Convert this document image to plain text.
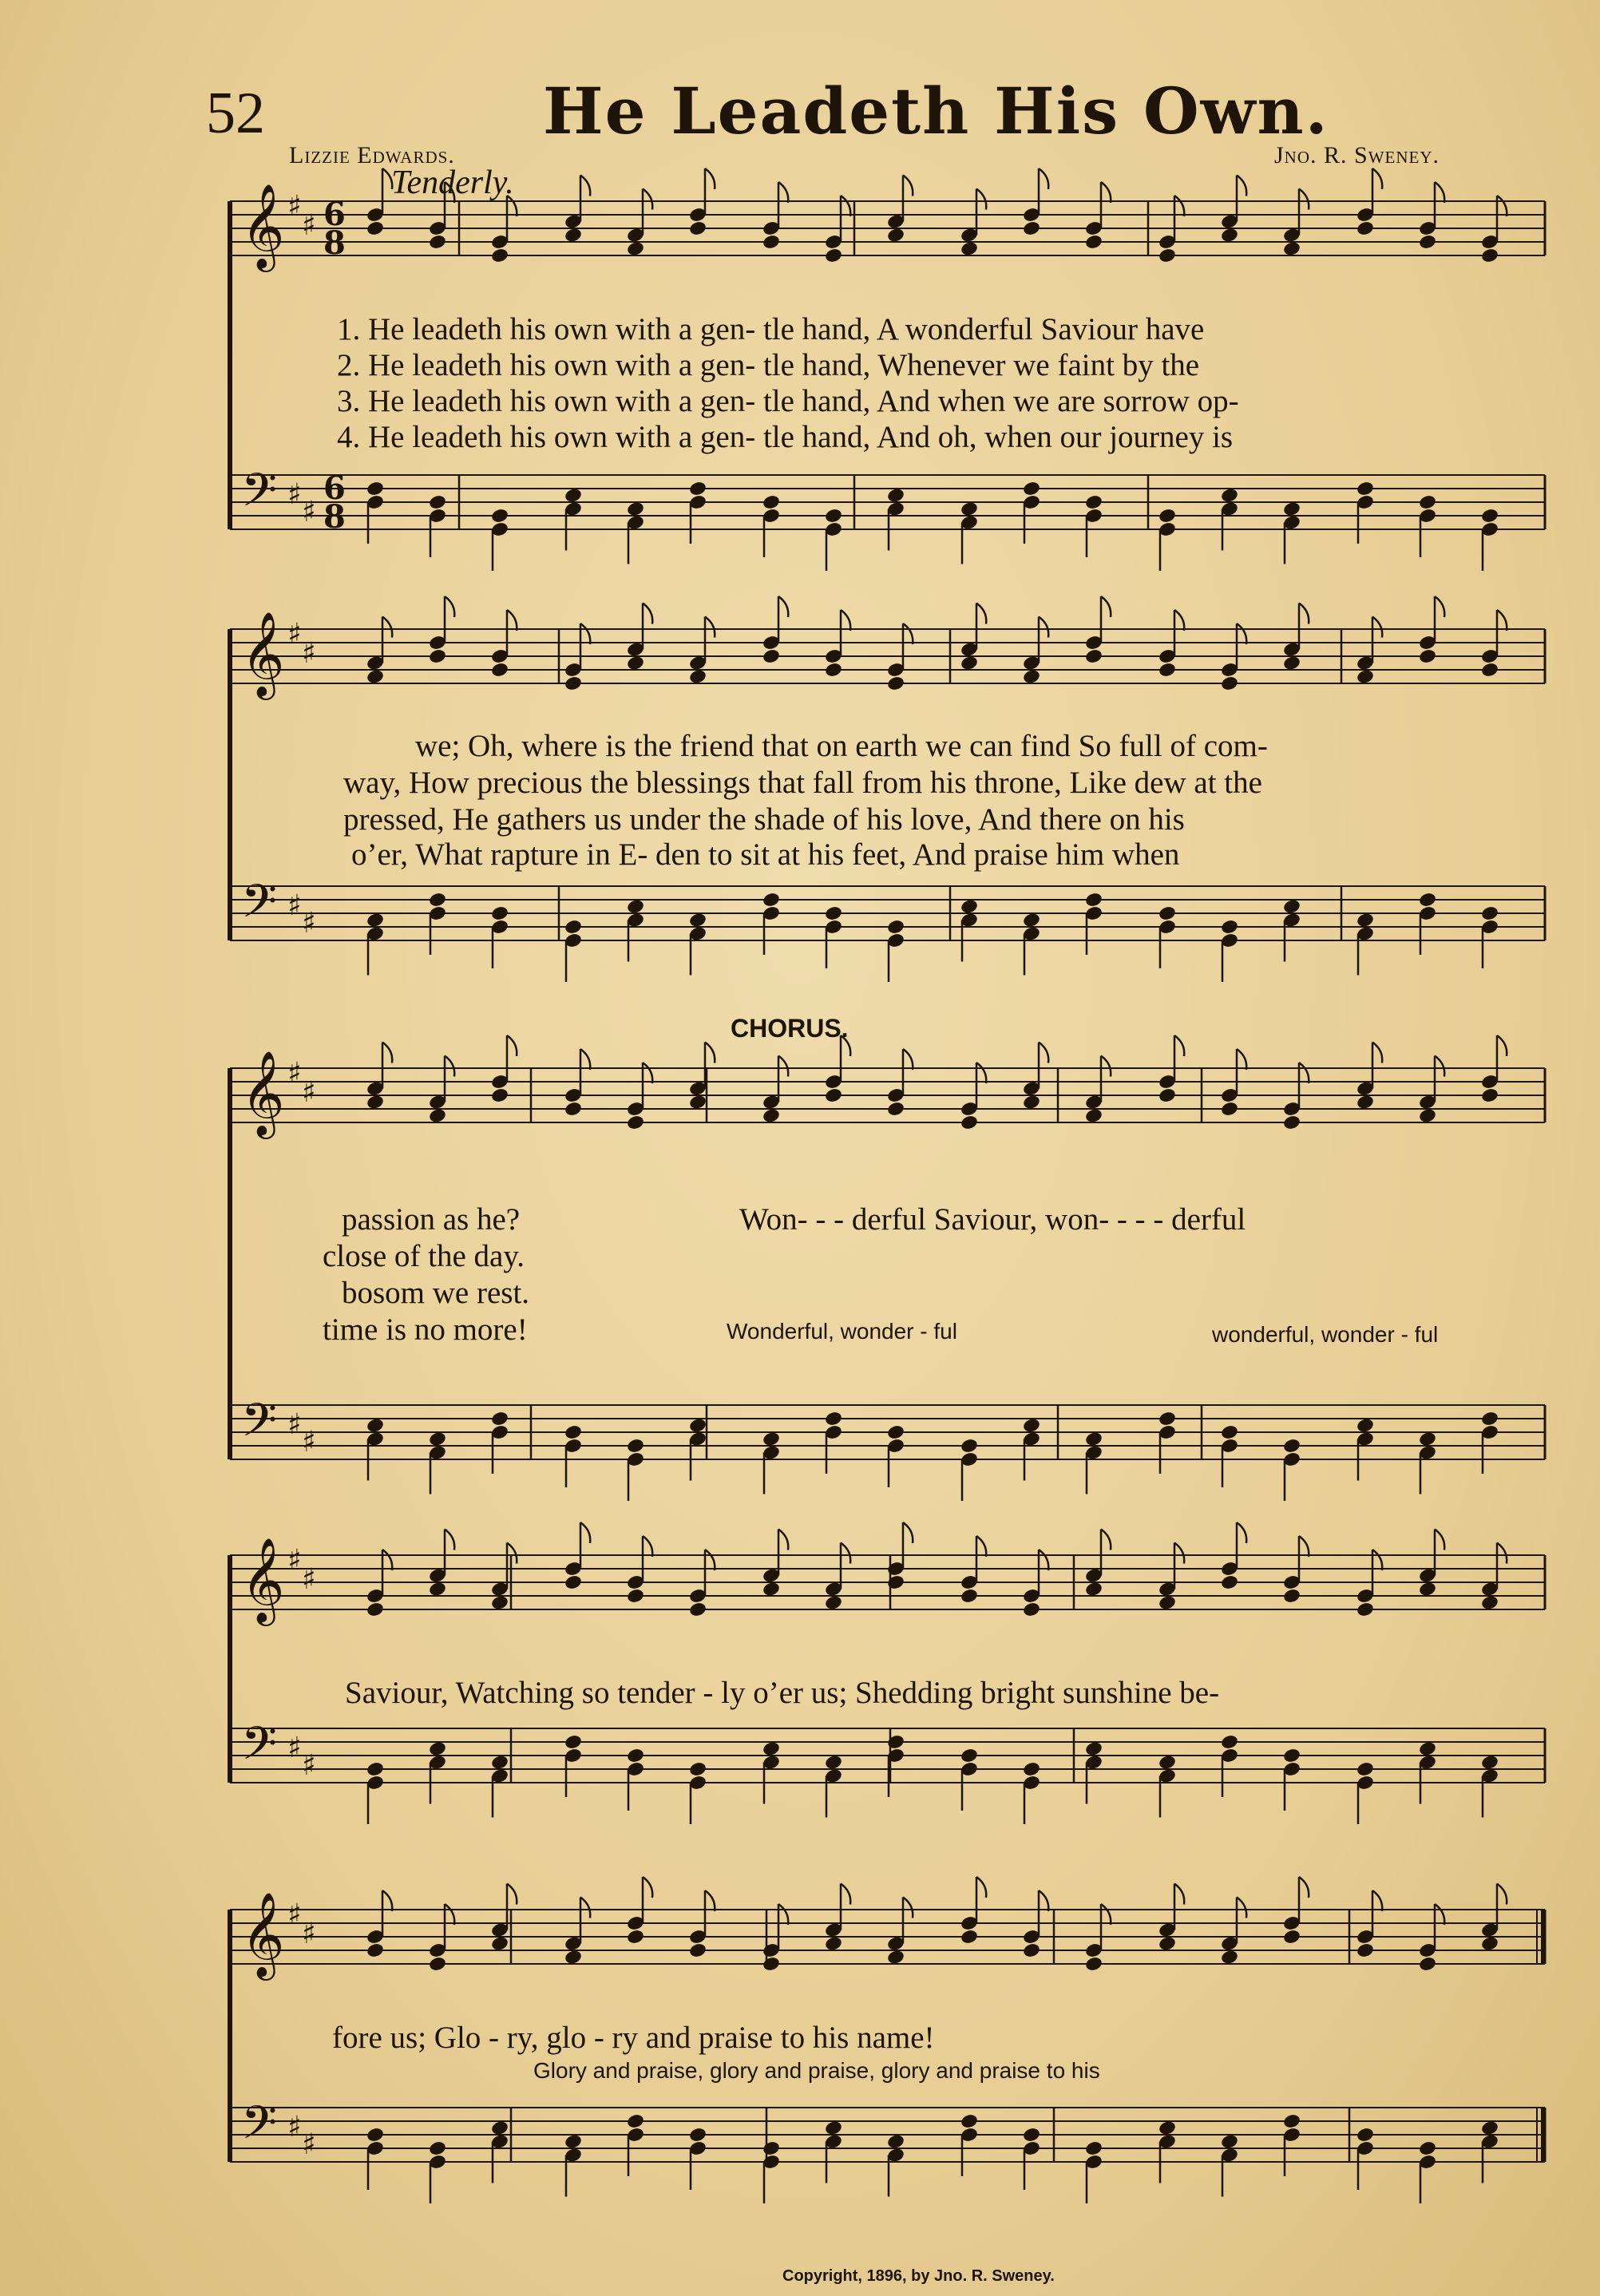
𝄞 ♯
♯ 6
8
𝄢 ♯
♯
6
8
𝄞 ♯
♯
𝄢 ♯
♯
𝄞 ♯
♯
𝄢 ♯
♯
𝄞 ♯
♯
𝄢 ♯
♯
𝄞 ♯
♯
𝄢 ♯
♯
52	He Leadeth His Own.
Lizzie Edwards.	Jno. R. Sweney.
Tenderly.
1. He leadeth his own with a gen- tle hand, A wonderful Saviour have
2. He leadeth his own with a gen- tle hand, Whenever we faint by the
3. He leadeth his own with a gen- tle hand, And when we are sorrow op-
4. He leadeth his own with a gen- tle hand, And oh, when our journey is
we; Oh, where is the friend that on earth we can find So full of com-
way, How precious the blessings that fall from his throne, Like dew at the
pressed, He gathers us under the shade of his love, And there on his
o’er, What rapture in E- den to sit at his feet, And praise him when
CHORUS.
passion as he?
close of the day.
bosom we rest.
time is no more!
Won- - - derful Saviour, won- - - - derful
Wonderful, wonder - ful	wonderful, wonder - ful
Saviour, Watching so tender - ly o’er us; Shedding bright sunshine be-
fore us; Glo - ry, glo - ry and praise to his name!
Glory and praise, glory and praise, glory and praise to his
Copyright, 1896, by Jno. R. Sweney.
